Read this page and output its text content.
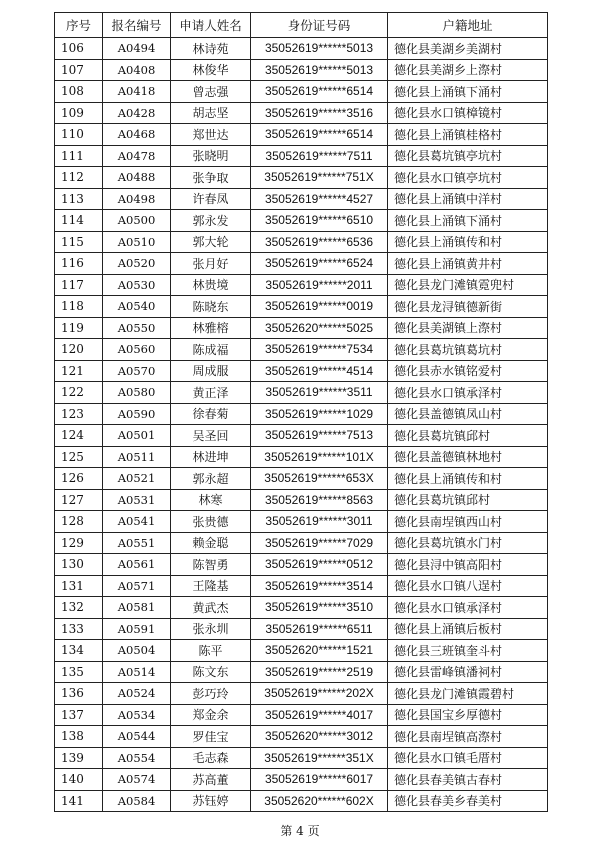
序号	报名编号	申请人姓名	身份证号码	户籍地址
106	A0494	林诗苑	35052619******5013	德化县美湖乡美湖村
107	A0408	林俊华	35052619******5013	德化县美湖乡上漈村
108	A0418	曾志强	35052619******6514	德化县上涌镇下涌村
109	A0428	胡志坚	35052619******3516	德化县水口镇樟镜村
110	A0468	郑世达	35052619******6514	德化县上涌镇桂格村
111	A0478	张晓明	35052619******7511	德化县葛坑镇亭坑村
112	A0488	张争取	35052619******751X	德化县水口镇亭坑村
113	A0498	许春凤	35052619******4527	德化县上涌镇中洋村
114	A0500	郭永发	35052619******6510	德化县上涌镇下涌村
115	A0510	郭大轮	35052619******6536	德化县上涌镇传和村
116	A0520	张月好	35052619******6524	德化县上涌镇黄井村
117	A0530	林贵境	35052619******2011	德化县龙门滩镇霓兜村
118	A0540	陈晓东	35052619******0019	德化县龙浔镇德新街
119	A0550	林雅榕	35052620******5025	德化县美湖镇上漈村
120	A0560	陈成福	35052619******7534	德化县葛坑镇葛坑村
121	A0570	周成服	35052619******4514	德化县赤水镇铭爱村
122	A0580	黄正泽	35052619******3511	德化县水口镇承泽村
123	A0590	徐春菊	35052619******1029	德化县盖德镇凤山村
124	A0501	吴圣回	35052619******7513	德化县葛坑镇邱村
125	A0511	林进坤	35052619******101X	德化县盖德镇林地村
126	A0521	郭永超	35052619******653X	德化县上涌镇传和村
127	A0531	林寒	35052619******8563	德化县葛坑镇邱村
128	A0541	张贵德	35052619******3011	德化县南埕镇西山村
129	A0551	赖金聪	35052619******7029	德化县葛坑镇水门村
130	A0561	陈智勇	35052619******0512	德化县浔中镇高阳村
131	A0571	王隆基	35052619******3514	德化县水口镇八逞村
132	A0581	黄武杰	35052619******3510	德化县水口镇承泽村
133	A0591	张永圳	35052619******6511	德化县上涌镇后板村
134	A0504	陈平	35052620******1521	德化县三班镇奎斗村
135	A0514	陈文东	35052619******2519	德化县雷峰镇潘祠村
136	A0524	彭巧玲	35052619******202X	德化县龙门滩镇霞碧村
137	A0534	郑金余	35052619******4017	德化县国宝乡厚德村
138	A0544	罗佳宝	35052620******3012	德化县南埕镇高漈村
139	A0554	毛志森	35052619******351X	德化县水口镇毛厝村
140	A0574	苏高董	35052619******6017	德化县春美镇古春村
141	A0584	苏钰婷	35052620******602X	德化县春美乡春美村
第 4 页
